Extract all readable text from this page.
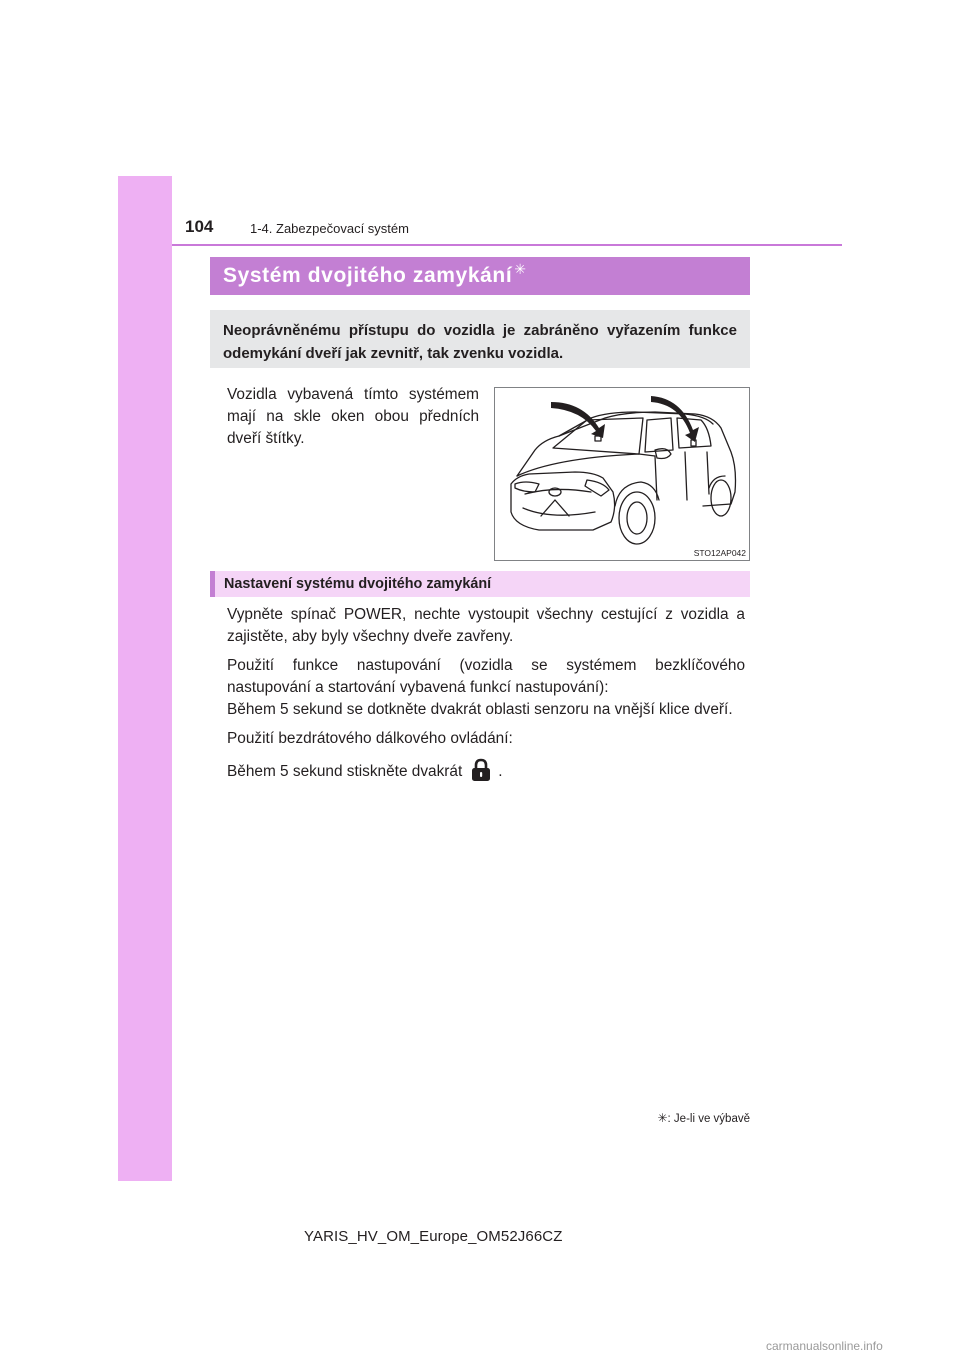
104	1-4. Zabezpečovací systém
Systém dvojitého zamykání ✳
Neoprávněnému přístupu do vozidla je zabráněno vyřazením funkce odemykání dveří jak zevnitř, tak zvenku vozidla.
Vozidla vybavená tímto systémem mají na skle oken obou předních dveří štítky.
STO12AP042
Nastavení systému dvojitého zamykání

Vypněte spínač POWER, nechte vystoupit všechny cestující z vozidla a zajistěte, aby byly všechny dveře zavřeny.

Použití funkce nastupování (vozidla se systémem bezklíčového nastupování a startování vybavená funkcí nastupování):
Během 5 sekund se dotkněte dvakrát oblasti senzoru na vnější klice dveří.

Použití bezdrátového dálkového ovládání:

Během 5 sekund stiskněte dvakrát .

✳: Je-li ve výbavě
YARIS_HV_OM_Europe_OM52J66CZ
carmanualsonline.info
